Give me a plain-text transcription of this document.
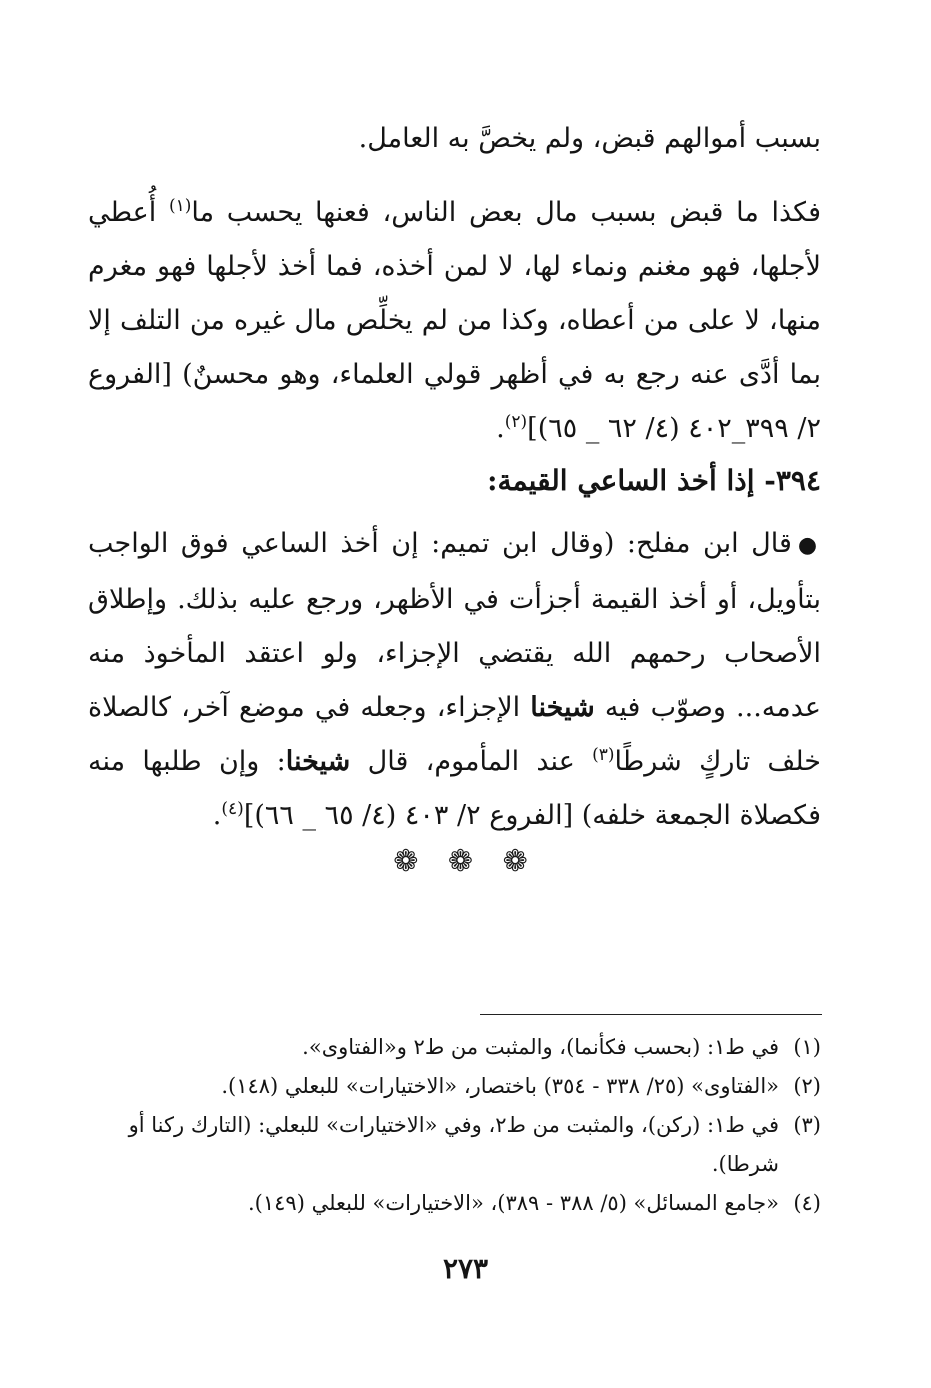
بسبب أموالهم قبض، ولم يخصَّ به العامل.

فكذا ما قبض بسبب مال بعض الناس، فعنها يحسب ما$^{(١)}$ أُعطي لأجلها، فهو مغنم ونماء لها، لا لمن أخذه، فما أخذ لأجلها فهو مغرم منها، لا على من أعطاه، وكذا من لم يخلِّص مال غيره من التلف إلا بما أدَّى عنه رجع به في أظهر قولي العلماء، وهو محسنٌ) [الفروع ٢/ ٣٩٩_٤٠٢ (٤/ ٦٢ _ ٦٥)]$^{(٢)}$.

٣٩٤- إذا أخذ الساعي القيمة:

●قال ابن مفلح: (وقال ابن تميم: إن أخذ الساعي فوق الواجب بتأويل، أو أخذ القيمة أجزأت في الأظهر، ورجع عليه بذلك. وإطلاق الأصحاب رحمهم الله يقتضي الإجزاء، ولو اعتقد المأخوذ منه عدمه... وصوّب فيه شيخنا الإجزاء، وجعله في موضع آخر، كالصلاة خلف تاركٍ شرطًا$^{(٣)}$ عند المأموم، قال شيخنا: وإن طلبها منه فكصلاة الجمعة خلفه) [الفروع ٢/ ٤٠٣ (٤/ ٦٥ _ ٦٦)]$^{(٤)}$.

❁ ❁ ❁

(١)في ط١: (بحسب فكأنما)، والمثبت من ط٢ و«الفتاوى».

(٢)«الفتاوى» (٢٥/ ٣٣٨ - ٣٥٤) باختصار، «الاختيارات» للبعلي (١٤٨).

(٣)في ط١: (ركن)، والمثبت من ط٢، وفي «الاختيارات» للبعلي: (التارك ركنا أو شرطا).

(٤)«جامع المسائل» (٥/ ٣٨٨ - ٣٨٩)، «الاختيارات» للبعلي (١٤٩).

٢٧٣
